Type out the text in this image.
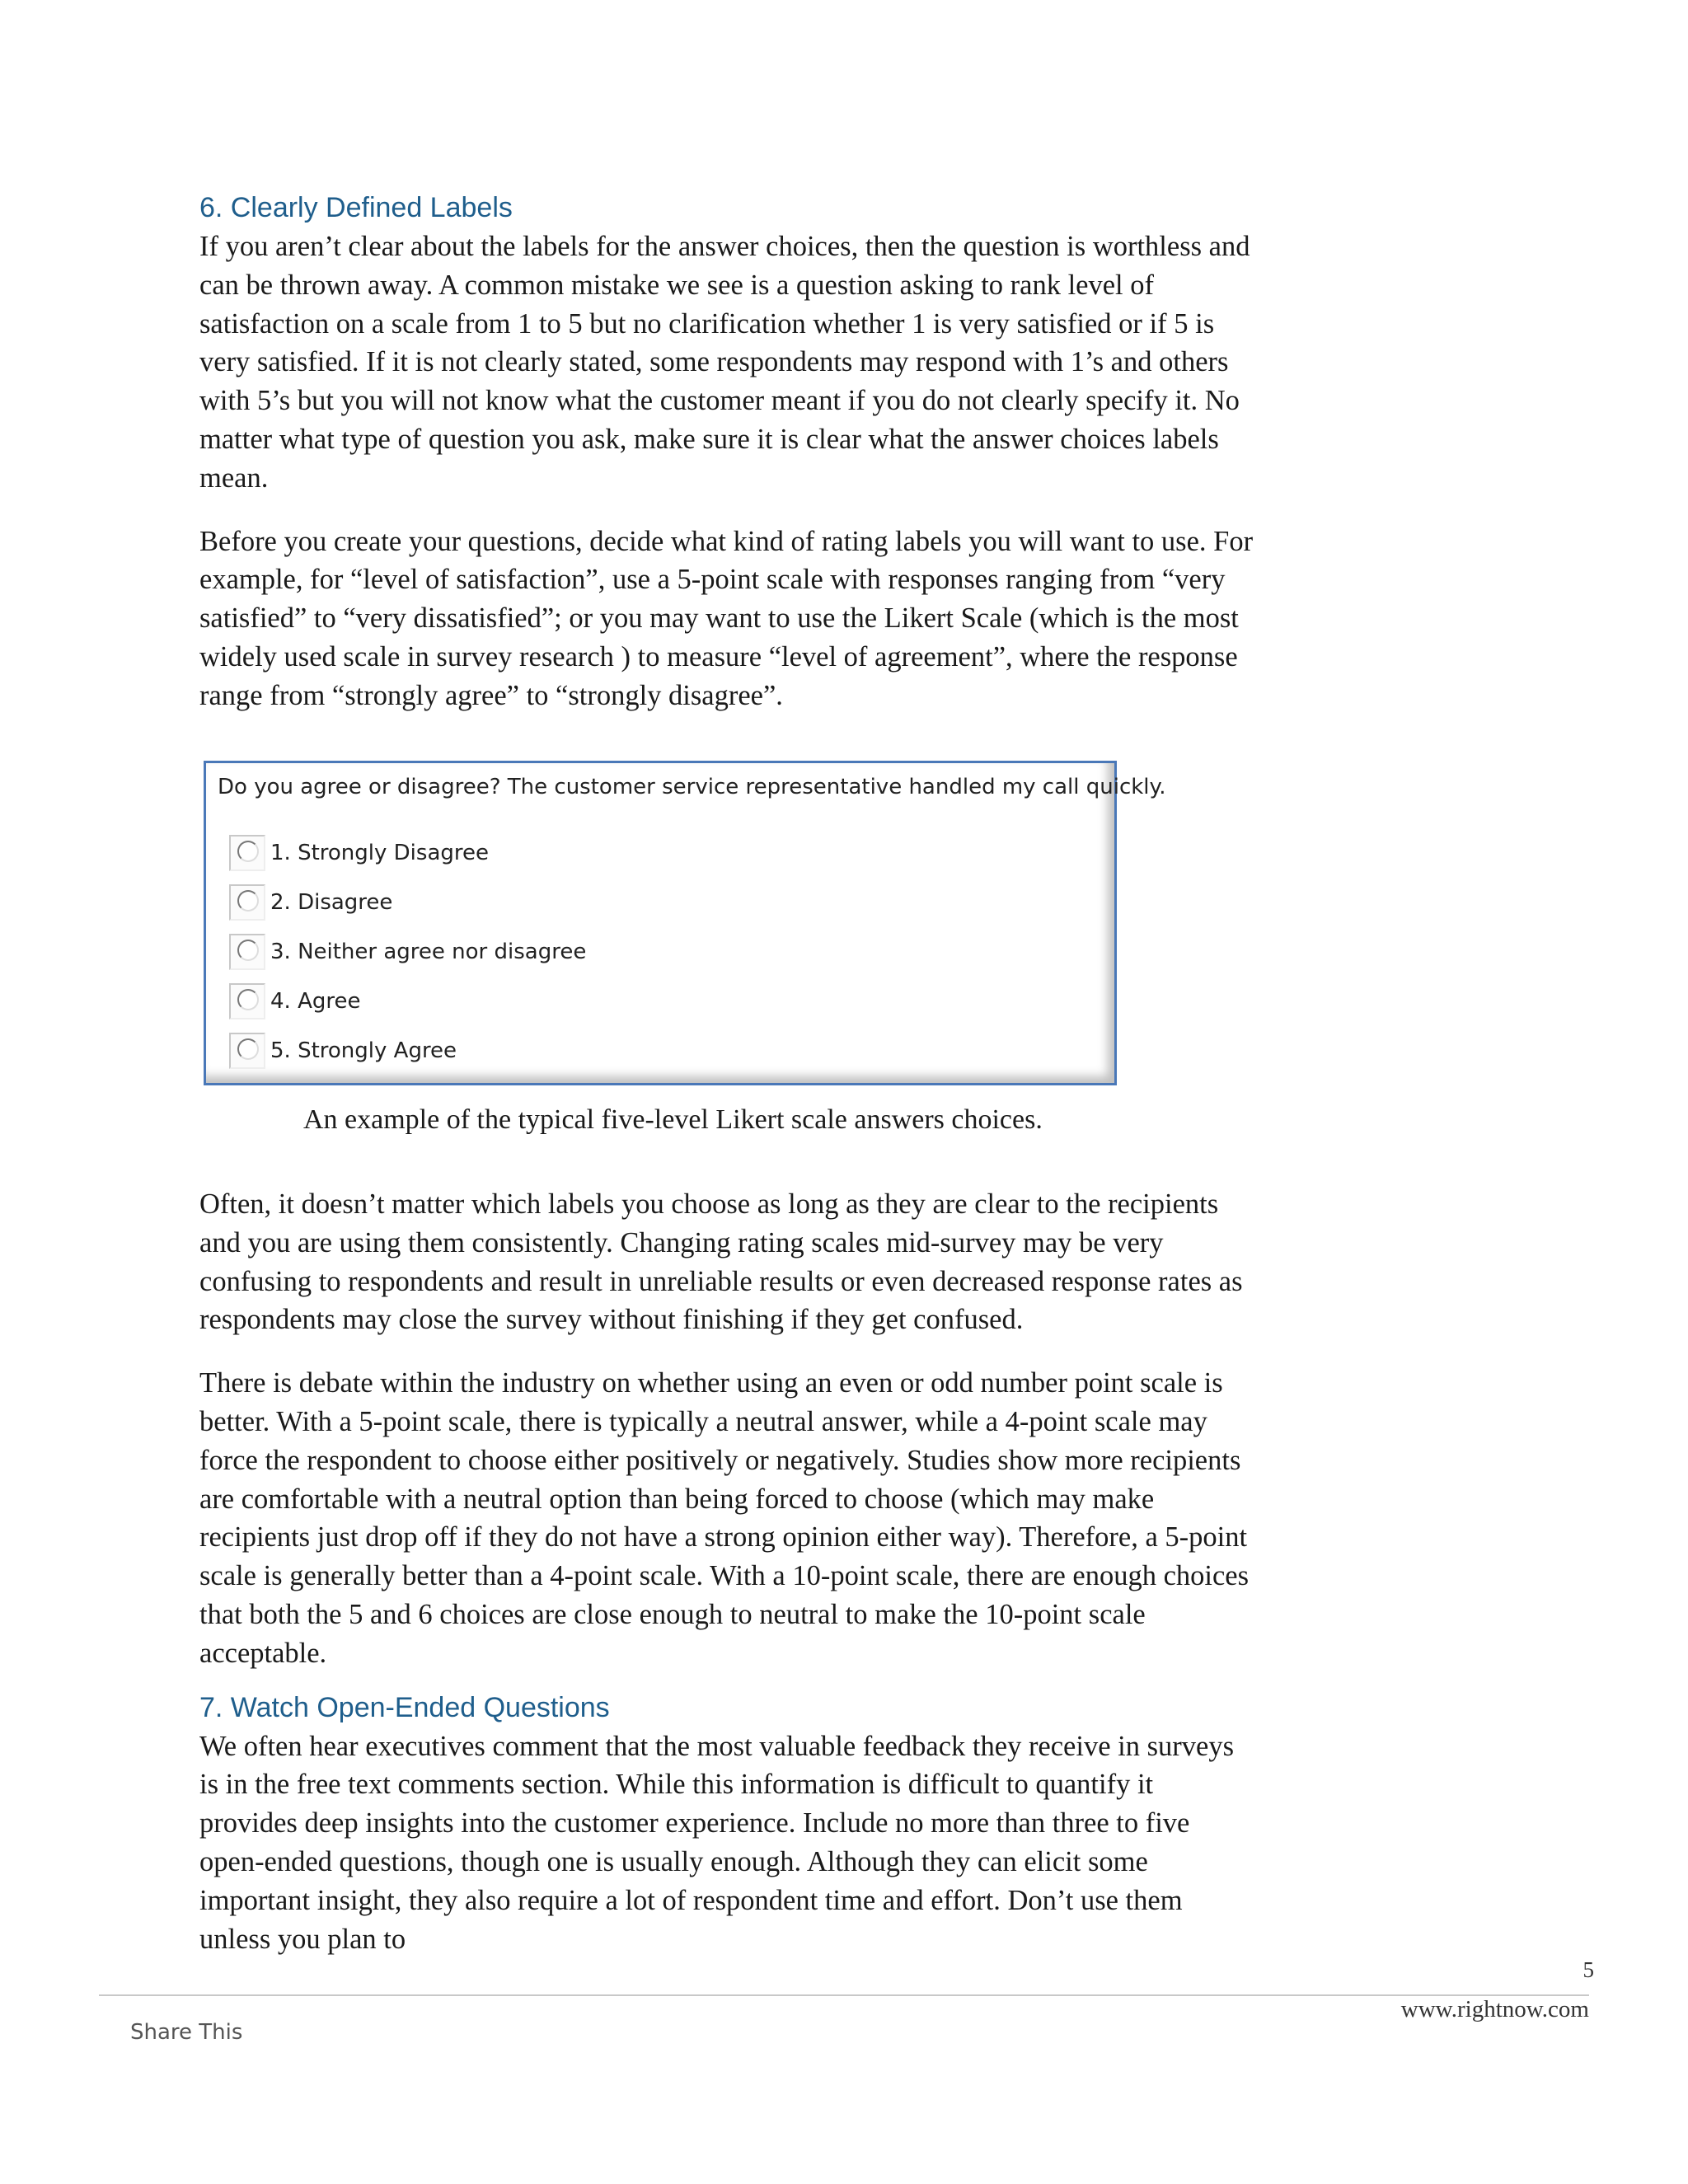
6. Clearly Defined Labels

If you aren’t clear about the labels for the answer choices, then the question is worthless and can be thrown away. A common mistake we see is a question asking to rank level of satisfaction on a scale from 1 to 5 but no clarification whether 1 is very satisfied or if 5 is very satisfied. If it is not clearly stated, some respondents may respond with 1’s and others with 5’s but you will not know what the customer meant if you do not clearly specify it. No matter what type of question you ask, make sure it is clear what the answer choices labels mean.

Before you create your questions, decide what kind of rating labels you will want to use. For example, for “level of satisfaction”, use a 5-point scale with responses ranging from “very satisfied” to “very dissatisfied”; or you may want to use the Likert Scale (which is the most widely used scale in survey research ) to measure “level of agreement”, where the response range from “strongly agree” to “strongly disagree”.

Do you agree or disagree? The customer service representative handled my call quickly.
1. Strongly Disagree
2. Disagree
3. Neither agree nor disagree
4. Agree
5. Strongly Agree
An example of the typical five-level Likert scale answers choices.

Often, it doesn’t matter which labels you choose as long as they are clear to the recipients and you are using them consistently. Changing rating scales mid-survey may be very confusing to respondents and result in unreliable results or even decreased response rates as respondents may close the survey without finishing if they get confused.

There is debate within the industry on whether using an even or odd number point scale is better. With a 5-point scale, there is typically a neutral answer, while a 4-point scale may force the respondent to choose either positively or negatively. Studies show more recipients are comfortable with a neutral option than being forced to choose (which may make recipients just drop off if they do not have a strong opinion either way). Therefore, a 5-point scale is generally better than a 4-point scale. With a 10-point scale, there are enough choices that both the 5 and 6 choices are close enough to neutral to make the 10-point scale acceptable.

7. Watch Open-Ended Questions

We often hear executives comment that the most valuable feedback they receive in surveys is in the free text comments section. While this information is difficult to quantify it provides deep insights into the customer experience. Include no more than three to five open-ended questions, though one is usually enough. Although they can elicit some important insight, they also require a lot of respondent time and effort. Don’t use them unless you plan to

5
www.rightnow.com
Share This
